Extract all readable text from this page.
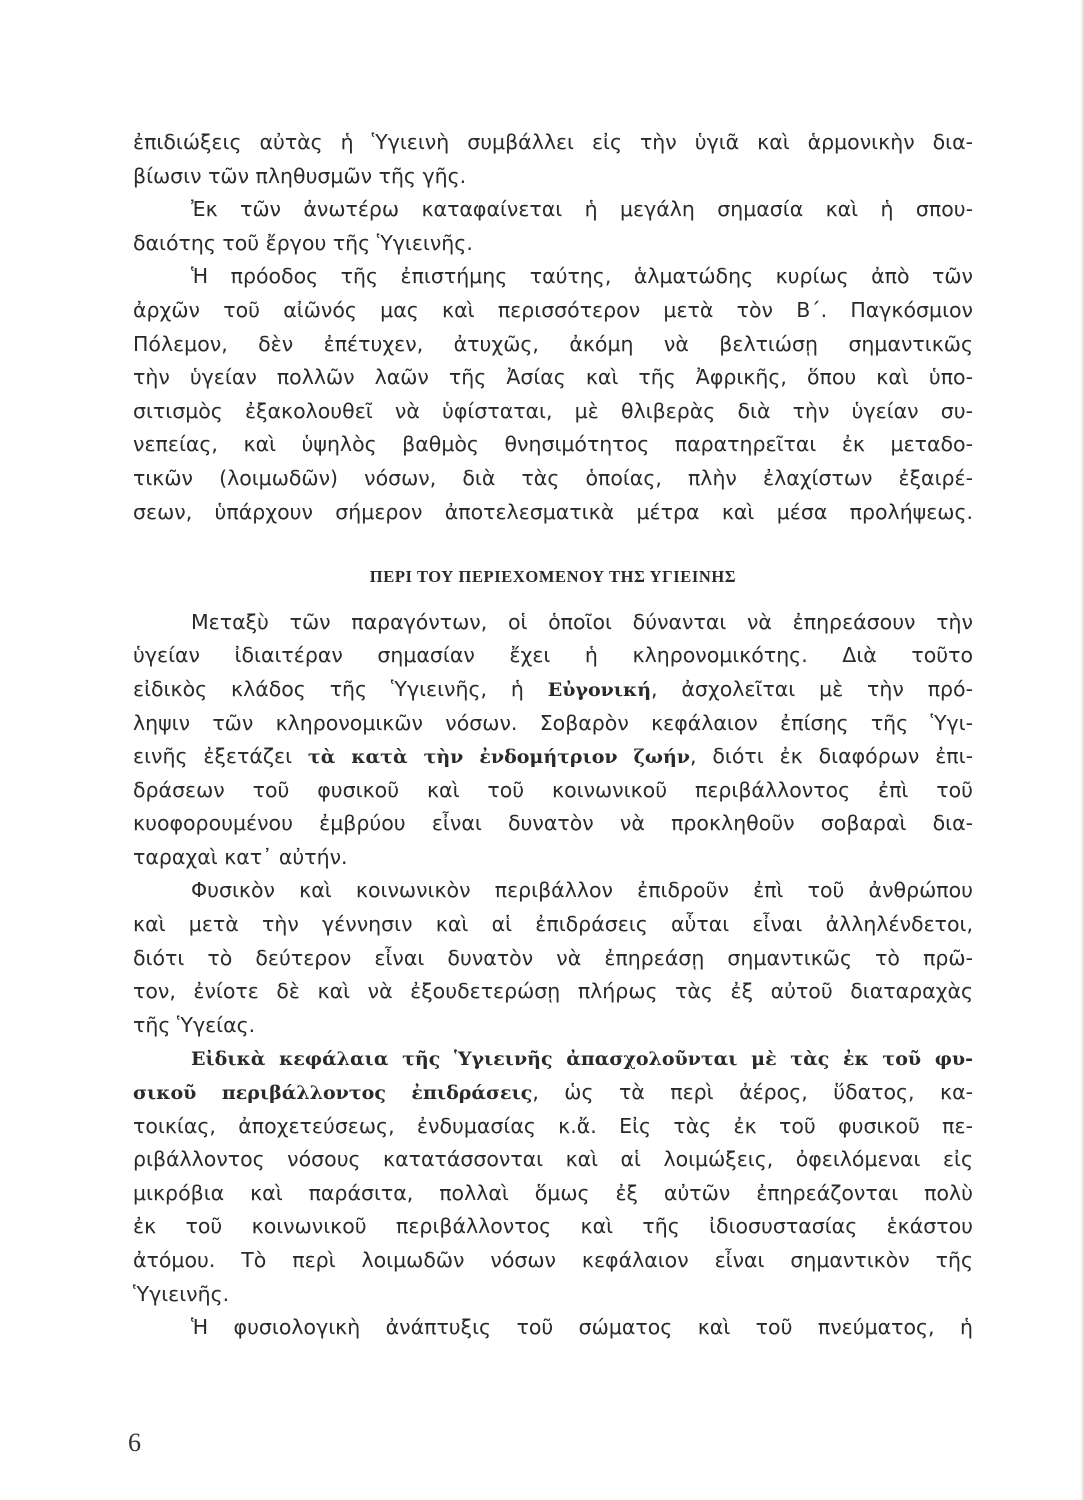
ἐπιδιώξεις αὐτὰς ἡ Ὑγιεινὴ συμβάλλει εἰς τὴν ὑγιᾶ καὶ ἁρμονικὴν δια-
βίωσιν τῶν πληθυσμῶν τῆς γῆς.
Ἐκ τῶν ἀνωτέρω καταφαίνεται ἡ μεγάλη σημασία καὶ ἡ σπου-
δαιότης τοῦ ἔργου τῆς Ὑγιεινῆς.
Ἡ πρόοδος τῆς ἐπιστήμης ταύτης, ἁλματώδης κυρίως ἀπὸ τῶν
ἀρχῶν τοῦ αἰῶνός μας καὶ περισσότερον μετὰ τὸν Β΄. Παγκόσμιον
Πόλεμον, δὲν ἐπέτυχεν, ἀτυχῶς, ἀκόμη νὰ βελτιώσῃ σημαντικῶς
τὴν ὑγείαν πολλῶν λαῶν τῆς Ἀσίας καὶ τῆς Ἀφρικῆς, ὅπου καὶ ὑπο-
σιτισμὸς ἐξακολουθεῖ νὰ ὑφίσταται, μὲ θλιβερὰς διὰ τὴν ὑγείαν συ-
νεπείας, καὶ ὑψηλὸς βαθμὸς θνησιμότητος παρατηρεῖται ἐκ μεταδο-
τικῶν (λοιμωδῶν) νόσων, διὰ τὰς ὁποίας, πλὴν ἐλαχίστων ἐξαιρέ-
σεων, ὑπάρχουν σήμερον ἀποτελεσματικὰ μέτρα καὶ μέσα προλήψεως.
ΠΕΡΙ ΤΟΥ ΠΕΡΙΕΧΟΜΕΝΟΥ ΤΗΣ ΥΓΙΕΙΝΗΣ
Μεταξὺ τῶν παραγόντων, οἱ ὁποῖοι δύνανται νὰ ἐπηρεάσουν τὴν
ὑγείαν ἰδιαιτέραν σημασίαν ἔχει ἡ κληρονομικότης. Διὰ τοῦτο
εἰδικὸς κλάδος τῆς Ὑγιεινῆς, ἡ Εὐγονική, ἀσχολεῖται μὲ τὴν πρό-
ληψιν τῶν κληρονομικῶν νόσων. Σοβαρὸν κεφάλαιον ἐπίσης τῆς Ὑγι-
εινῆς ἐξετάζει τὰ κατὰ τὴν ἐνδομήτριον ζωήν, διότι ἐκ διαφόρων ἐπι-
δράσεων τοῦ φυσικοῦ καὶ τοῦ κοινωνικοῦ περιβάλλοντος ἐπὶ τοῦ
κυοφορουμένου ἐμβρύου εἶναι δυνατὸν νὰ προκληθοῦν σοβαραὶ δια-
ταραχαὶ κατ᾽ αὐτήν.
Φυσικὸν καὶ κοινωνικὸν περιβάλλον ἐπιδροῦν ἐπὶ τοῦ ἀνθρώπου
καὶ μετὰ τὴν γέννησιν καὶ αἱ ἐπιδράσεις αὗται εἶναι ἀλληλένδετοι,
διότι τὸ δεύτερον εἶναι δυνατὸν νὰ ἐπηρεάσῃ σημαντικῶς τὸ πρῶ-
τον, ἐνίοτε δὲ καὶ νὰ ἐξουδετερώσῃ πλήρως τὰς ἐξ αὐτοῦ διαταραχὰς
τῆς Ὑγείας.
Εἰδικὰ κεφάλαια τῆς Ὑγιεινῆς ἀπασχολοῦνται μὲ τὰς ἐκ τοῦ φυ-
σικοῦ περιβάλλοντος ἐπιδράσεις, ὡς τὰ περὶ ἀέρος, ὕδατος, κα-
τοικίας, ἀποχετεύσεως, ἐνδυμασίας κ.ἄ. Εἰς τὰς ἐκ τοῦ φυσικοῦ πε-
ριβάλλοντος νόσους κατατάσσονται καὶ αἱ λοιμώξεις, ὀφειλόμεναι εἰς
μικρόβια καὶ παράσιτα, πολλαὶ ὅμως ἐξ αὐτῶν ἐπηρεάζονται πολὺ
ἐκ τοῦ κοινωνικοῦ περιβάλλοντος καὶ τῆς ἰδιοσυστασίας ἑκάστου
ἀτόμου. Τὸ περὶ λοιμωδῶν νόσων κεφάλαιον εἶναι σημαντικὸν τῆς
Ὑγιεινῆς.
Ἡ φυσιολογικὴ ἀνάπτυξις τοῦ σώματος καὶ τοῦ πνεύματος, ἡ
6
